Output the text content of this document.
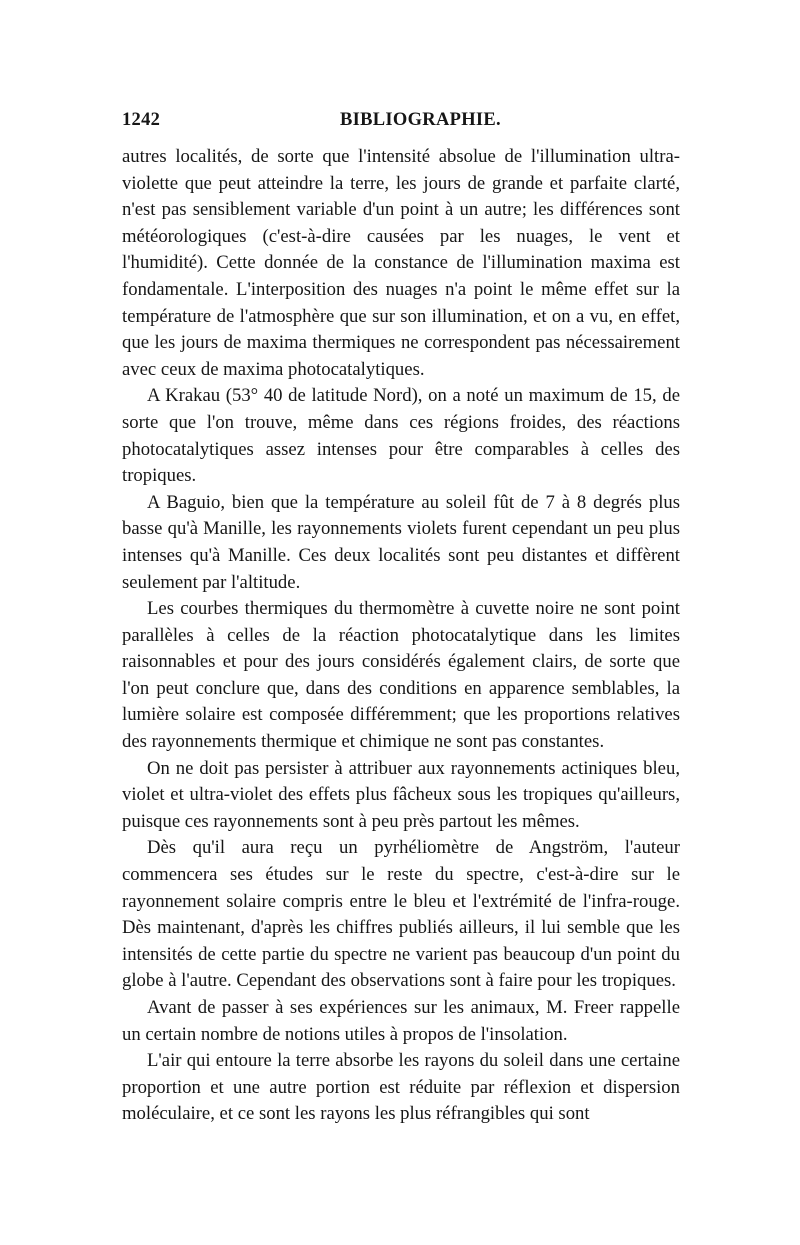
1242	BIBLIOGRAPHIE.

autres localités, de sorte que l'intensité absolue de l'illumination ultra-violette que peut atteindre la terre, les jours de grande et parfaite clarté, n'est pas sensiblement variable d'un point à un autre; les différences sont météorologiques (c'est-à-dire causées par les nuages, le vent et l'humidité). Cette donnée de la constance de l'illumination maxima est fondamentale. L'interposition des nuages n'a point le même effet sur la température de l'atmosphère que sur son illumination, et on a vu, en effet, que les jours de maxima thermiques ne correspondent pas nécessairement avec ceux de maxima photocatalytiques.

A Krakau (53° 40 de latitude Nord), on a noté un maximum de 15, de sorte que l'on trouve, même dans ces régions froides, des réactions photocatalytiques assez intenses pour être comparables à celles des tropiques.

A Baguio, bien que la température au soleil fût de 7 à 8 degrés plus basse qu'à Manille, les rayonnements violets furent cependant un peu plus intenses qu'à Manille. Ces deux localités sont peu distantes et diffèrent seulement par l'altitude.

Les courbes thermiques du thermomètre à cuvette noire ne sont point parallèles à celles de la réaction photocatalytique dans les limites raisonnables et pour des jours considérés également clairs, de sorte que l'on peut conclure que, dans des conditions en apparence semblables, la lumière solaire est composée différemment; que les proportions relatives des rayonnements thermique et chimique ne sont pas constantes.

On ne doit pas persister à attribuer aux rayonnements actiniques bleu, violet et ultra-violet des effets plus fâcheux sous les tropiques qu'ailleurs, puisque ces rayonnements sont à peu près partout les mêmes.

Dès qu'il aura reçu un pyrhéliomètre de Angström, l'auteur commencera ses études sur le reste du spectre, c'est-à-dire sur le rayonnement solaire compris entre le bleu et l'extrémité de l'infra-rouge. Dès maintenant, d'après les chiffres publiés ailleurs, il lui semble que les intensités de cette partie du spectre ne varient pas beaucoup d'un point du globe à l'autre. Cependant des observations sont à faire pour les tropiques.

Avant de passer à ses expériences sur les animaux, M. Freer rappelle un certain nombre de notions utiles à propos de l'insolation.

L'air qui entoure la terre absorbe les rayons du soleil dans une certaine proportion et une autre portion est réduite par réflexion et dispersion moléculaire, et ce sont les rayons les plus réfrangibles qui sont
